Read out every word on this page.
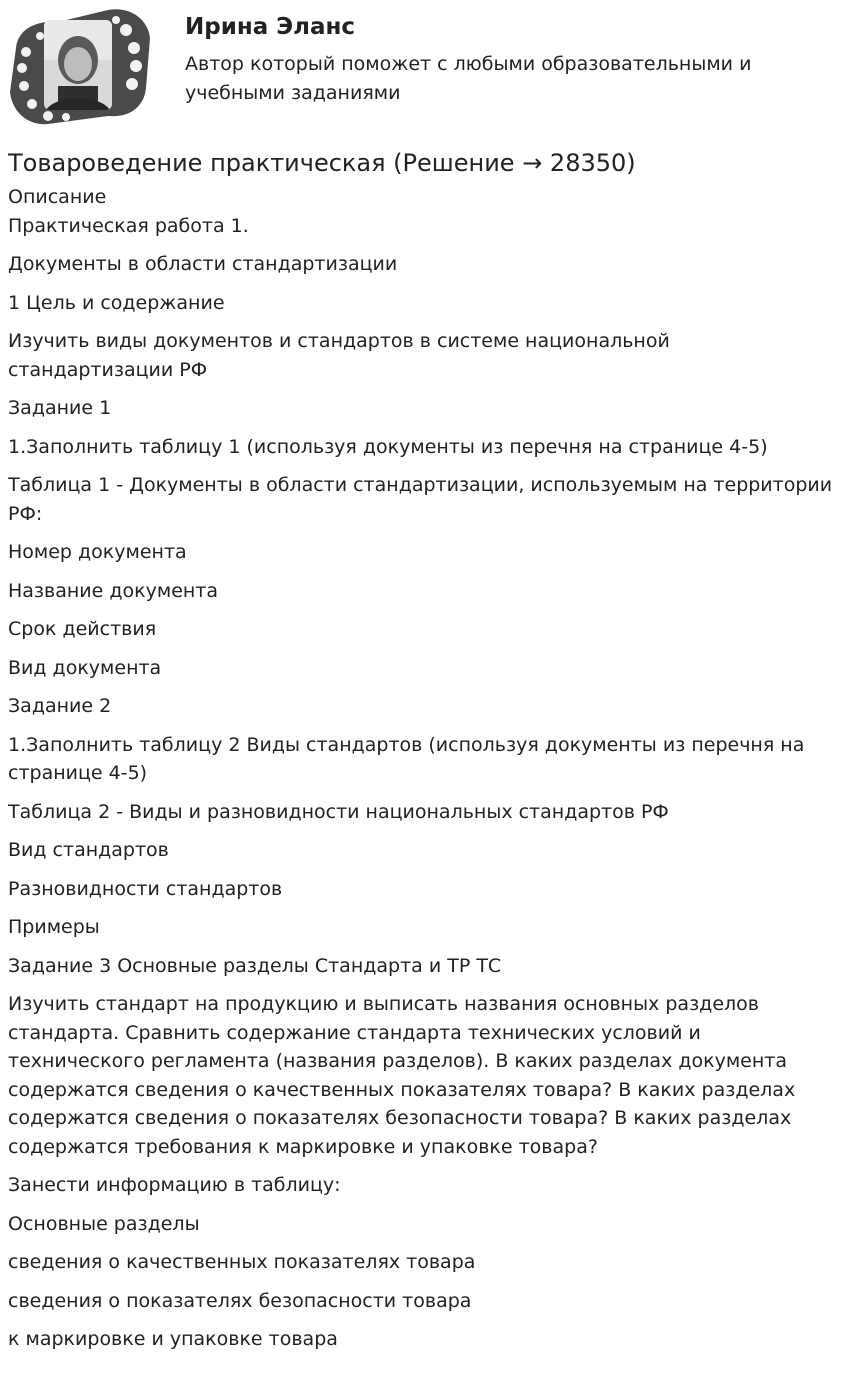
Ирина Эланс
Автор который поможет с любыми образовательными и учебными заданиями
Товароведение практическая (Решение → 28350)
Описание

Практическая работа 1.

Документы в области стандартизации

1 Цель и содержание

Изучить виды документов и стандартов в системе национальной стандартизации РФ

Задание 1

1.Заполнить таблицу 1 (используя документы из перечня на странице 4-5)

Таблица 1 - Документы в области стандартизации, используемым на территории РФ:

Номер документа

Название документа

Срок действия

Вид документа

Задание 2

1.Заполнить таблицу 2 Виды стандартов (используя документы из перечня на странице 4-5)

Таблица 2 - Виды и разновидности национальных стандартов РФ

Вид стандартов

Разновидности стандартов

Примеры

Задание 3 Основные разделы Стандарта и ТР ТС

Изучить стандарт на продукцию и выписать названия основных разделов стандарта. Сравнить содержание стандарта технических условий и технического регламента (названия разделов). В каких разделах документа содержатся сведения о качественных показателях товара? В каких разделах содержатся сведения о показателях безопасности товара? В каких разделах содержатся требования к маркировке и упаковке товара?

Занести информацию в таблицу:

Основные разделы

сведения о качественных показателях товара

сведения о показателях безопасности товара

к маркировке и упаковке товара
